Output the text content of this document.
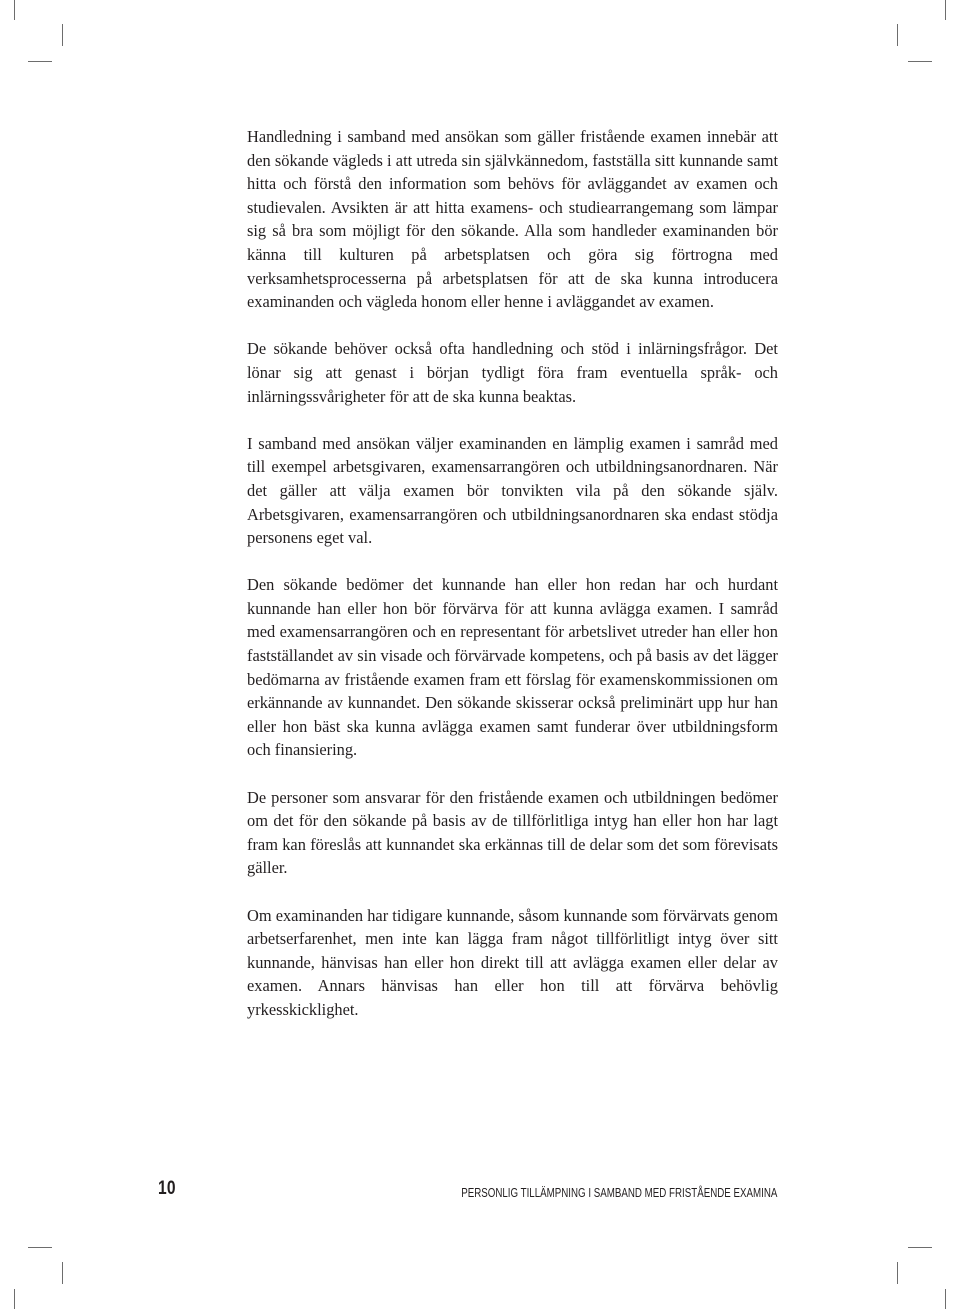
Handledning i samband med ansökan som gäller fristående examen innebär att den sökande vägleds i att utreda sin självkännedom, fastställa sitt kunnande samt hitta och förstå den information som behövs för avläggandet av examen och studievalen. Avsikten är att hitta examens- och studiearrangemang som lämpar sig så bra som möjligt för den sökande. Alla som handleder examinanden bör känna till kulturen på arbetsplatsen och göra sig förtrogna med verksamhetsprocesserna på arbetsplatsen för att de ska kunna introducera examinanden och vägleda honom eller henne i avläggandet av examen.

De sökande behöver också ofta handledning och stöd i inlärningsfrågor. Det lönar sig att genast i början tydligt föra fram eventuella språk- och inlärningssvårigheter för att de ska kunna beaktas.

I samband med ansökan väljer examinanden en lämplig examen i samråd med till exempel arbetsgivaren, examensarrangören och utbildningsanordnaren. När det gäller att välja examen bör tonvikten vila på den sökande själv. Arbetsgivaren, examensarrangören och utbildningsanordnaren ska endast stödja personens eget val.

Den sökande bedömer det kunnande han eller hon redan har och hurdant kunnande han eller hon bör förvärva för att kunna avlägga examen. I samråd med examensarrangören och en representant för arbetslivet utreder han eller hon fastställandet av sin visade och förvärvade kompetens, och på basis av det lägger bedömarna av fristående examen fram ett förslag för examenskommissionen om erkännande av kunnandet. Den sökande skisserar också preliminärt upp hur han eller hon bäst ska kunna avlägga examen samt funderar över utbildningsform och finansiering.

De personer som ansvarar för den fristående examen och utbildningen bedömer om det för den sökande på basis av de tillförlitliga intyg han eller hon har lagt fram kan föreslås att kunnandet ska erkännas till de delar som det som förevisats gäller.

Om examinanden har tidigare kunnande, såsom kunnande som förvärvats genom arbetserfarenhet, men inte kan lägga fram något tillförlitligt intyg över sitt kunnande, hänvisas han eller hon direkt till att avlägga examen eller delar av examen. Annars hänvisas han eller hon till att förvärva behövlig yrkesskicklighet.

10	PERSONLIG TILLÄMPNING I SAMBAND MED FRISTÅENDE EXAMINA
